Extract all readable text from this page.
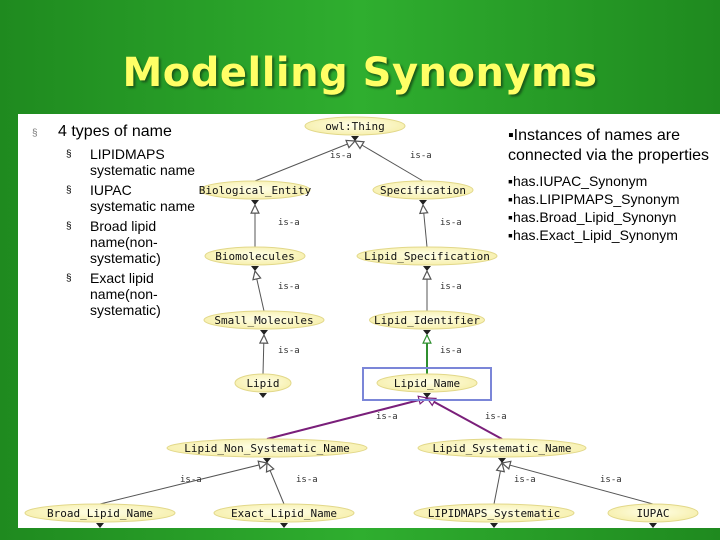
Modelling Synonyms
§ 4 types of name
§ LIPIDMAPS systematic name
§ IUPAC systematic name
§ Broad lipid name(non-systematic)
§ Exact lipid name(non-systematic)
▪Instances of names are connected via the properties
▪has.IUPAC_Synonym
▪has.LIPIPMAPS_Synonym
▪has.Broad_Lipid_Synonyn
▪has.Exact_Lipid_Synonym
is-a	is-a
is-a	is-a
is-a	is-a
is-a	is-a
is-a	is-a
is-a	is-a	is-a	is-a
owl:Thing
Biological_Entity	Specification
Biomolecules	Lipid_Specification
Small_Molecules	Lipid_Identifier
Lipid	Lipid_Name
Lipid_Non_Systematic_Name	Lipid_Systematic_Name
Broad_Lipid_Name	Exact_Lipid_Name	LIPIDMAPS_Systematic	IUPAC
